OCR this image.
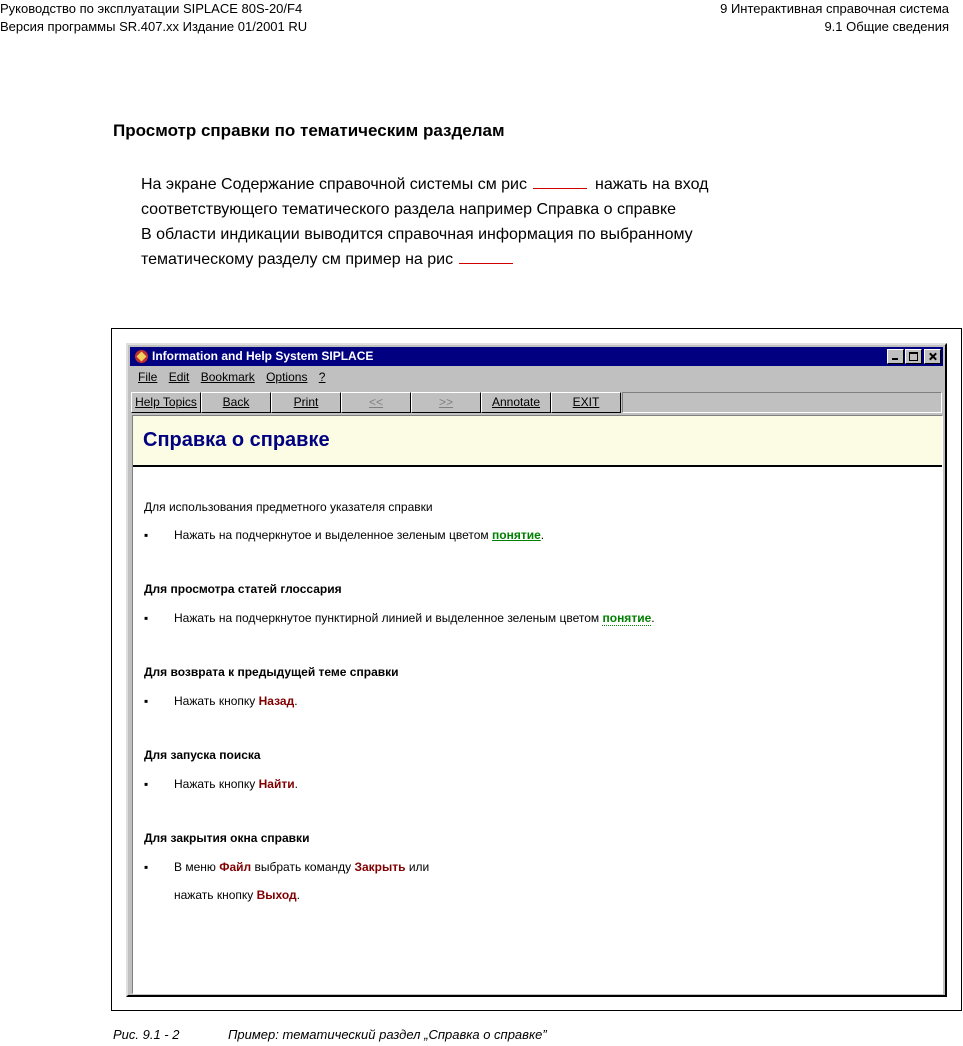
Руководство по эксплуатации SIPLACE 80S-20/F4
Версия программы SR.407.xx Издание 01/2001 RU
9 Интерактивная справочная система
9.1 Общие сведения
Просмотр справки по тематическим разделам
На экране Содержание справочной системы см рис	нажать на вход
соответствующего тематического раздела например Справка о справке
В области индикации выводится справочная информация по выбранному
тематическому разделу см пример на рис
Information and Help System SIPLACE
File Edit Bookmark Options ?
Help Topics	Back	Print	<<	>>	Annotate	EXIT
Справка о справке
Для использования предметного указателя справки
▪ Нажать на подчеркнутое и выделенное зеленым цветом понятие.
Для просмотра статей глоссария
▪ Нажать на подчеркнутое пунктирной линией и выделенное зеленым цветом понятие.
Для возврата к предыдущей теме справки
▪ Нажать кнопку Назад.
Для запуска поиска
▪ Нажать кнопку Найти.
Для закрытия окна справки
▪ В меню Файл выбрать команду Закрыть или
нажать кнопку Выход.
Рис. 9.1 - 2	Пример: тематический раздел „Справка о справке”
